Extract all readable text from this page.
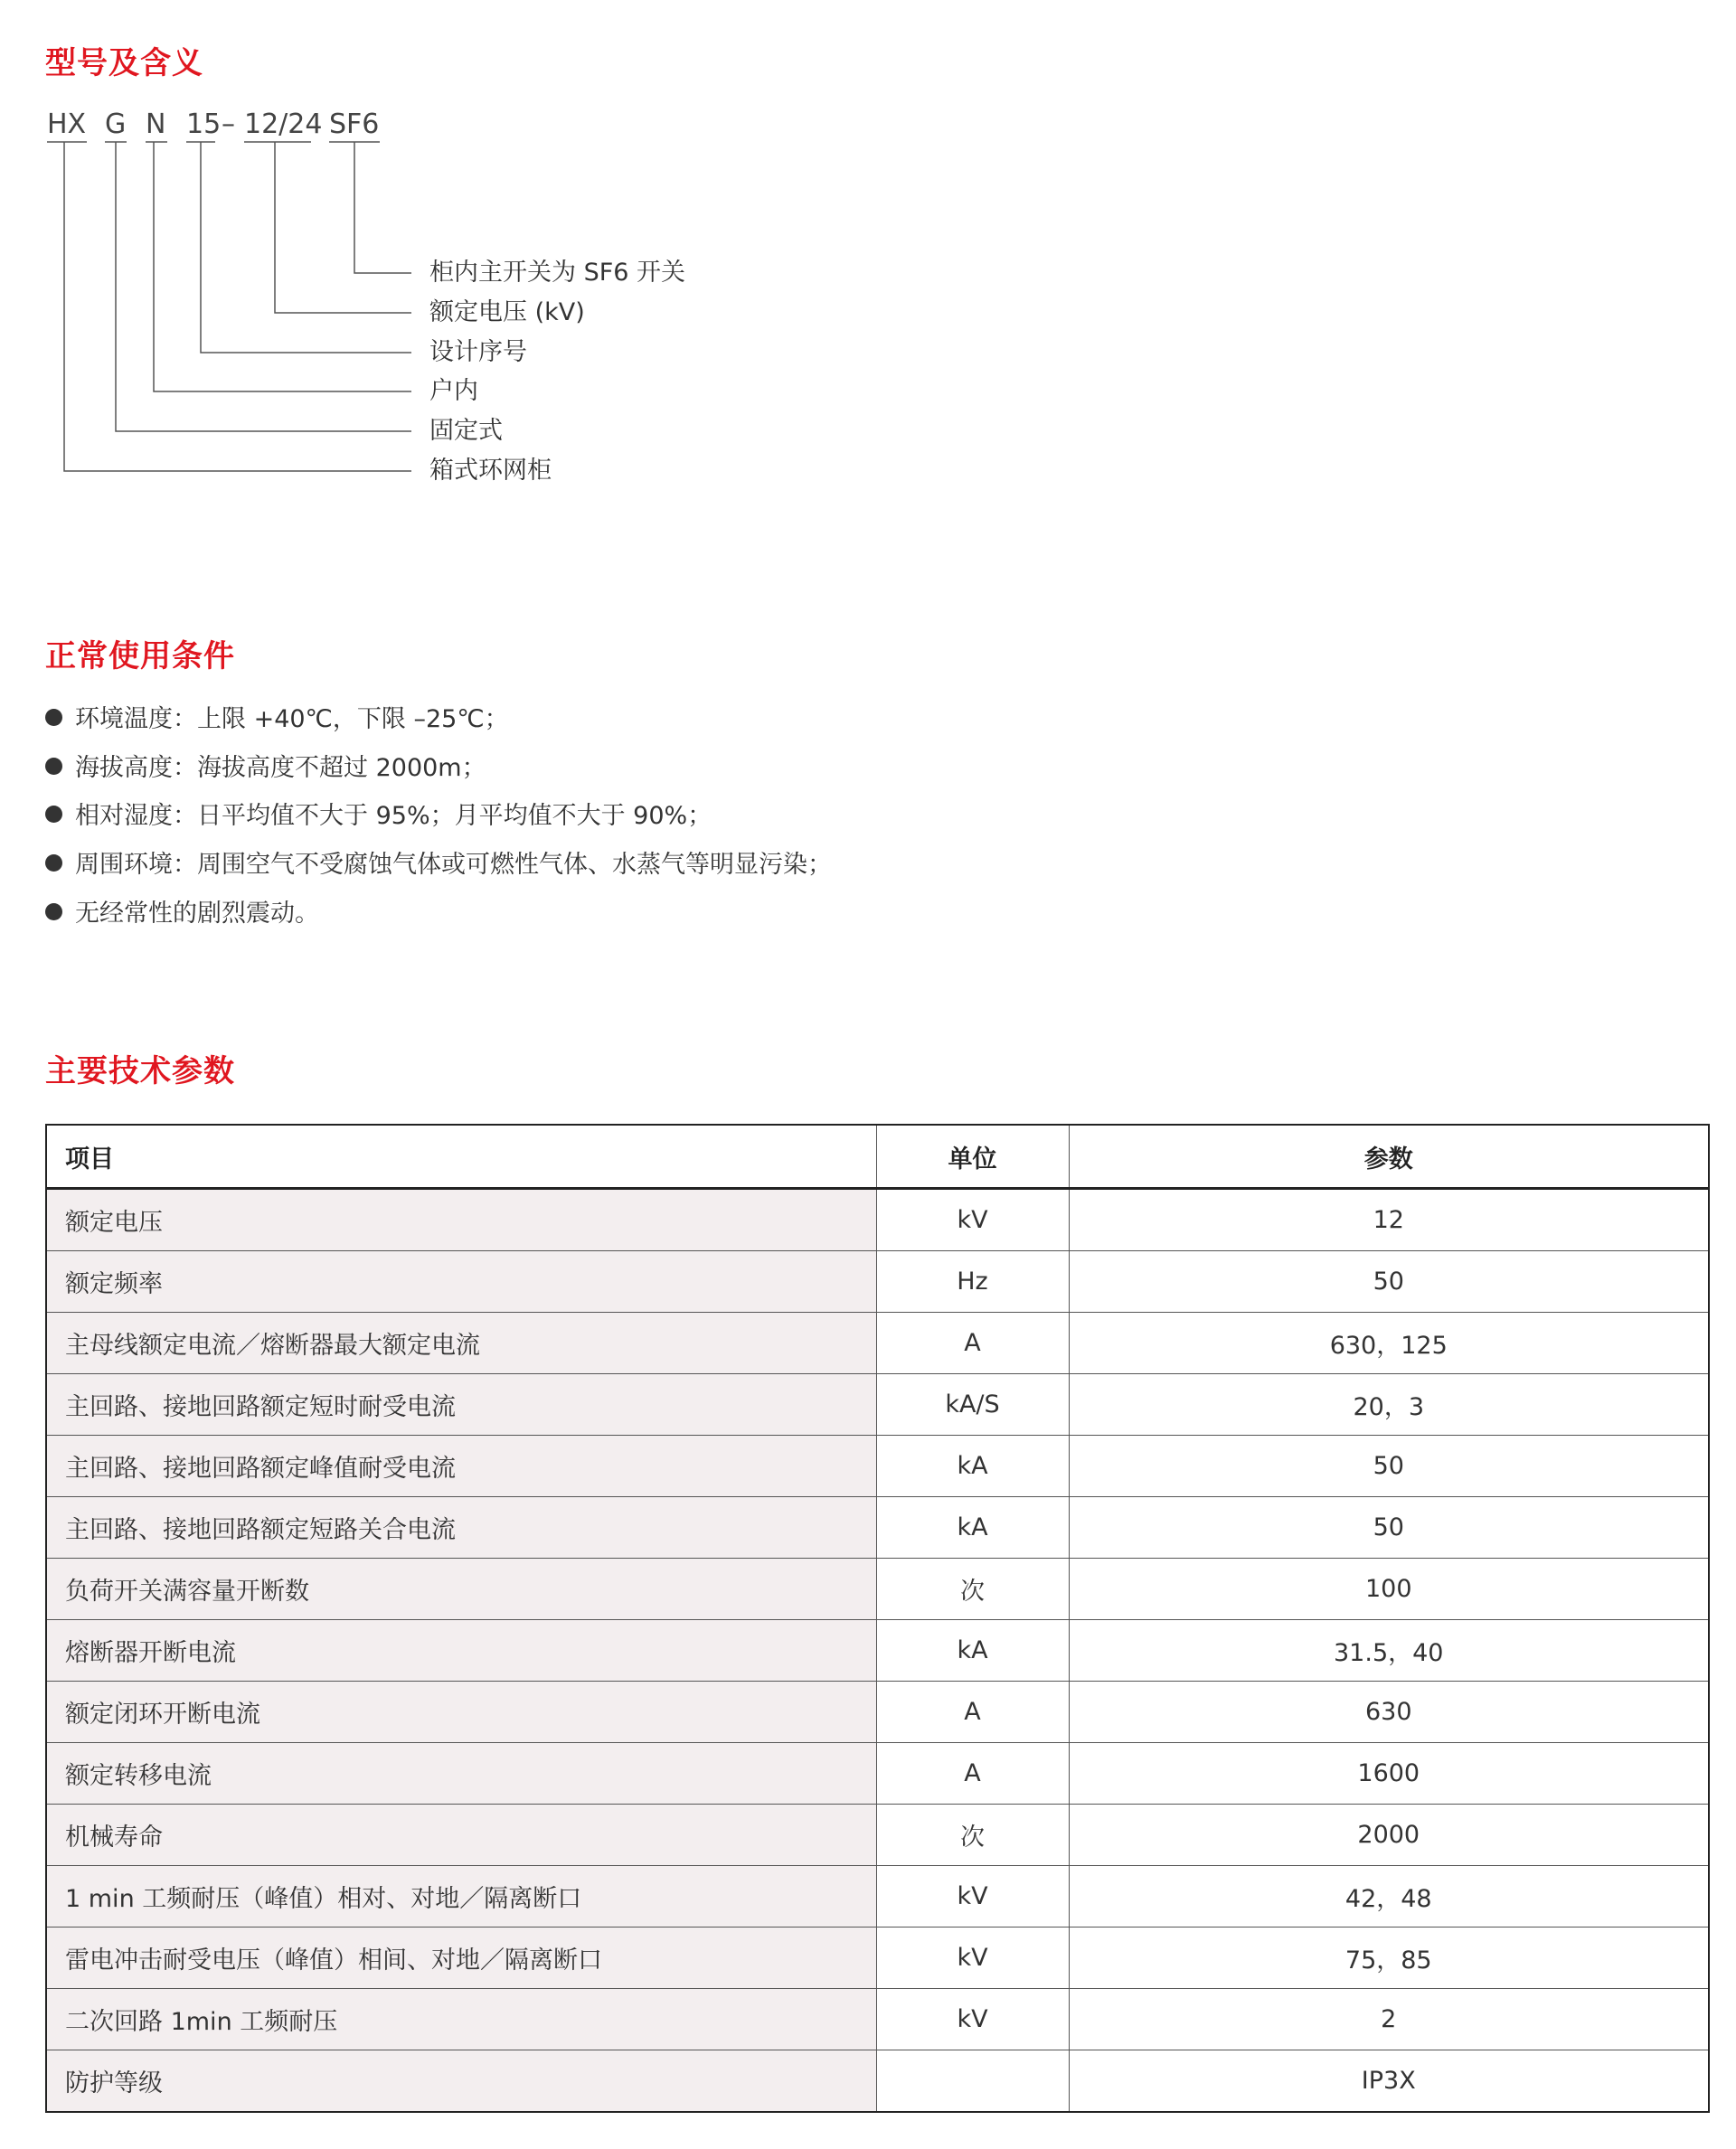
型号及含义
HX G N 15 – 12/24 SF6
柜内主开关为 SF6 开关
额定电压 (kV)
设计序号
户内
固定式
箱式环网柜
正常使用条件
环境温度：上限 +40℃，下限 –25℃；
海拔高度：海拔高度不超过 2000m；
相对湿度：日平均值不大于 95%；月平均值不大于 90%；
周围环境：周围空气不受腐蚀气体或可燃性气体、水蒸气等明显污染；
无经常性的剧烈震动。
主要技术参数
项目	单位	参数
额定电压	kV	12
额定频率	Hz	50
主母线额定电流／熔断器最大额定电流	A	630，125
主回路、接地回路额定短时耐受电流	kA/S	20，3
主回路、接地回路额定峰值耐受电流	kA	50
主回路、接地回路额定短路关合电流	kA	50
负荷开关满容量开断数	次	100
熔断器开断电流	kA	31.5，40
额定闭环开断电流	A	630
额定转移电流	A	1600
机械寿命	次	2000
1 min 工频耐压（峰值）相对、对地／隔离断口	kV	42，48
雷电冲击耐受电压（峰值）相间、对地／隔离断口	kV	75，85
二次回路 1min 工频耐压	kV	2
防护等级		IP3X
